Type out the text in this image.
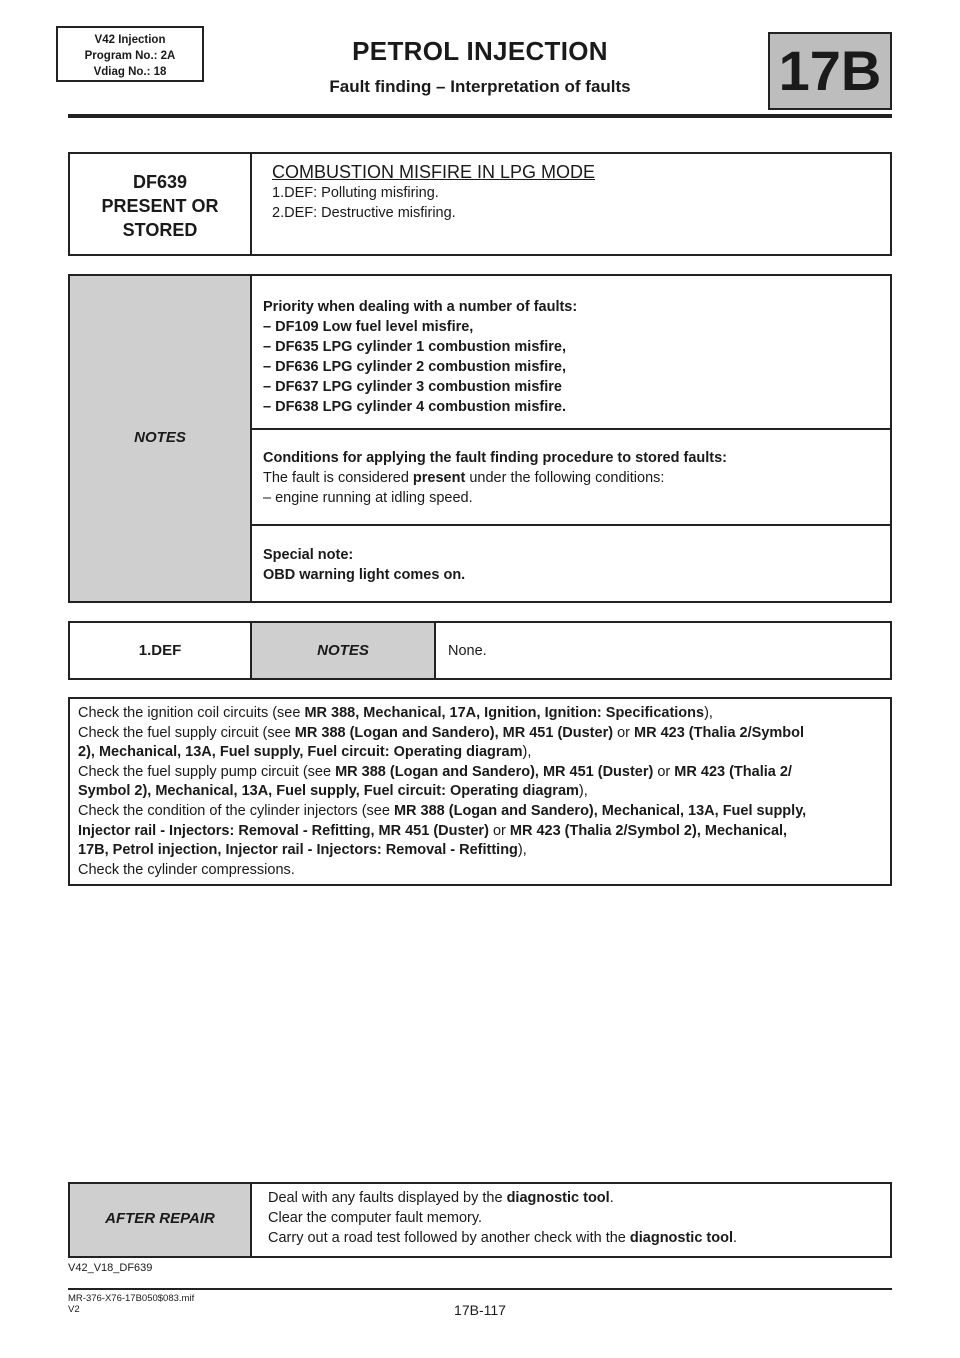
V42 Injection
Program No.: 2A
Vdiag No.: 18
PETROL INJECTION
Fault finding – Interpretation of faults	17B
DF639
PRESENT OR
STORED
COMBUSTION MISFIRE IN LPG MODE
1.DEF: Polluting misfiring.
2.DEF: Destructive misfiring.
NOTES
Priority when dealing with a number of faults:
– DF109 Low fuel level misfire,
– DF635 LPG cylinder 1 combustion misfire,
– DF636 LPG cylinder 2 combustion misfire,
– DF637 LPG cylinder 3 combustion misfire
– DF638 LPG cylinder 4 combustion misfire.
Conditions for applying the fault finding procedure to stored faults:
The fault is considered present under the following conditions:
– engine running at idling speed.
Special note:
OBD warning light comes on.
1.DEF	NOTES	None.
Check the ignition coil circuits (see MR 388, Mechanical, 17A, Ignition, Ignition: Specifications),
Check the fuel supply circuit (see MR 388 (Logan and Sandero), MR 451 (Duster) or MR 423 (Thalia 2/Symbol
2), Mechanical, 13A, Fuel supply, Fuel circuit: Operating diagram),
Check the fuel supply pump circuit (see MR 388 (Logan and Sandero), MR 451 (Duster) or MR 423 (Thalia 2/
Symbol 2), Mechanical, 13A, Fuel supply, Fuel circuit: Operating diagram),
Check the condition of the cylinder injectors (see MR 388 (Logan and Sandero), Mechanical, 13A, Fuel supply,
Injector rail - Injectors: Removal - Refitting, MR 451 (Duster) or MR 423 (Thalia 2/Symbol 2), Mechanical,
17B, Petrol injection, Injector rail - Injectors: Removal - Refitting),
Check the cylinder compressions.
AFTER REPAIR
Deal with any faults displayed by the diagnostic tool.
Clear the computer fault memory.
Carry out a road test followed by another check with the diagnostic tool.
V42_V18_DF639
MR-376-X76-17B050$083.mif
V2	17B-117
